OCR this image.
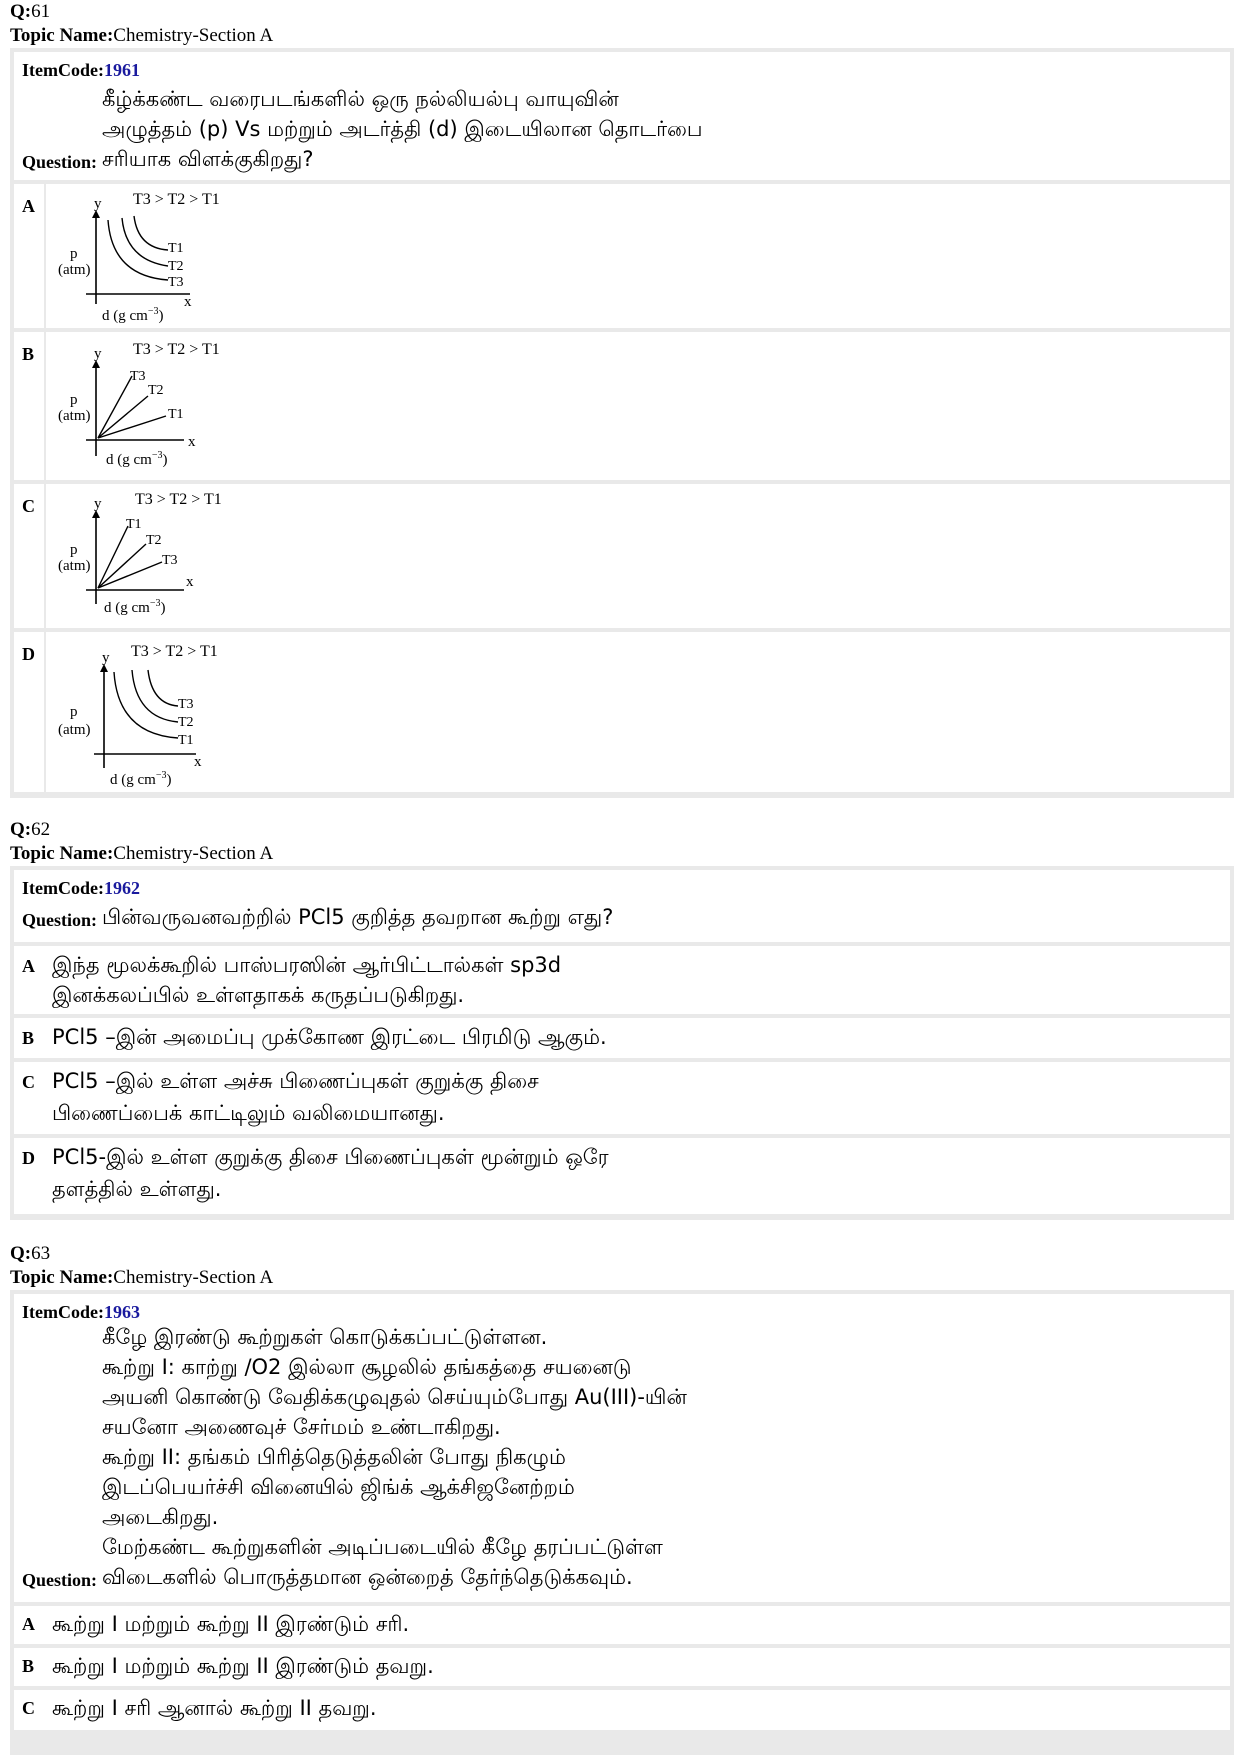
Q:61
Topic Name:Chemistry-Section A
ItemCode:1961
கீழ்க்கண்ட வரைபடங்களில் ஒரு நல்லியல்பு வாயுவின்
அழுத்தம் (p) Vs மற்றும் அடர்த்தி (d) இடையிலான தொடர்பை
Question: சரியாக விளக்குகிறது?
A	T3 > T2 > T1
y
x
p
(atm)
d (g $cm^{-3}$)
T1
T2
T3
B	T3 > T2 > T1
y
x
p
(atm)
d (g $cm^{-3}$)
T3
T2
T1
C	T3 > T2 > T1
y
x
p
(atm)
d (g $cm^{-3}$)
T1
T2
T3
D	T3 > T2 > T1
y
x
p
(atm)
d (g $cm^{-3}$)
T3
T2
T1
Q:62
Topic Name:Chemistry-Section A
ItemCode:1962
Question: பின்வருவனவற்றில் PCl5 குறித்த தவறான கூற்று எது?
A இந்த மூலக்கூறில் பாஸ்பரஸின் ஆர்பிட்டால்கள் sp3d
இனக்கலப்பில் உள்ளதாகக் கருதப்படுகிறது.
B PCl5 –இன் அமைப்பு முக்கோண இரட்டை பிரமிடு ஆகும்.
C PCl5 –இல் உள்ள அச்சு பிணைப்புகள் குறுக்கு திசை
பிணைப்பைக் காட்டிலும் வலிமையானது.
D PCl5-இல் உள்ள குறுக்கு திசை பிணைப்புகள் மூன்றும் ஒரே
தளத்தில் உள்ளது.
Q:63
Topic Name:Chemistry-Section A
ItemCode:1963
கீழே இரண்டு கூற்றுகள் கொடுக்கப்பட்டுள்ளன.
கூற்று I: காற்று /O2 இல்லா சூழலில் தங்கத்தை சயனைடு
அயனி கொண்டு வேதிக்கழுவுதல் செய்யும்போது Au(III)-யின்
சயனோ அணைவுச் சேர்மம் உண்டாகிறது.
கூற்று II: தங்கம் பிரித்தெடுத்தலின் போது நிகழும்
இடப்பெயர்ச்சி வினையில் ஜிங்க் ஆக்சிஜனேற்றம்
அடைகிறது.
மேற்கண்ட கூற்றுகளின் அடிப்படையில் கீழே தரப்பட்டுள்ள
Question: விடைகளில் பொருத்தமான ஒன்றைத் தேர்ந்தெடுக்கவும்.
A கூற்று I மற்றும் கூற்று II இரண்டும் சரி.
B கூற்று I மற்றும் கூற்று II இரண்டும் தவறு.
C கூற்று I சரி ஆனால் கூற்று II தவறு.
